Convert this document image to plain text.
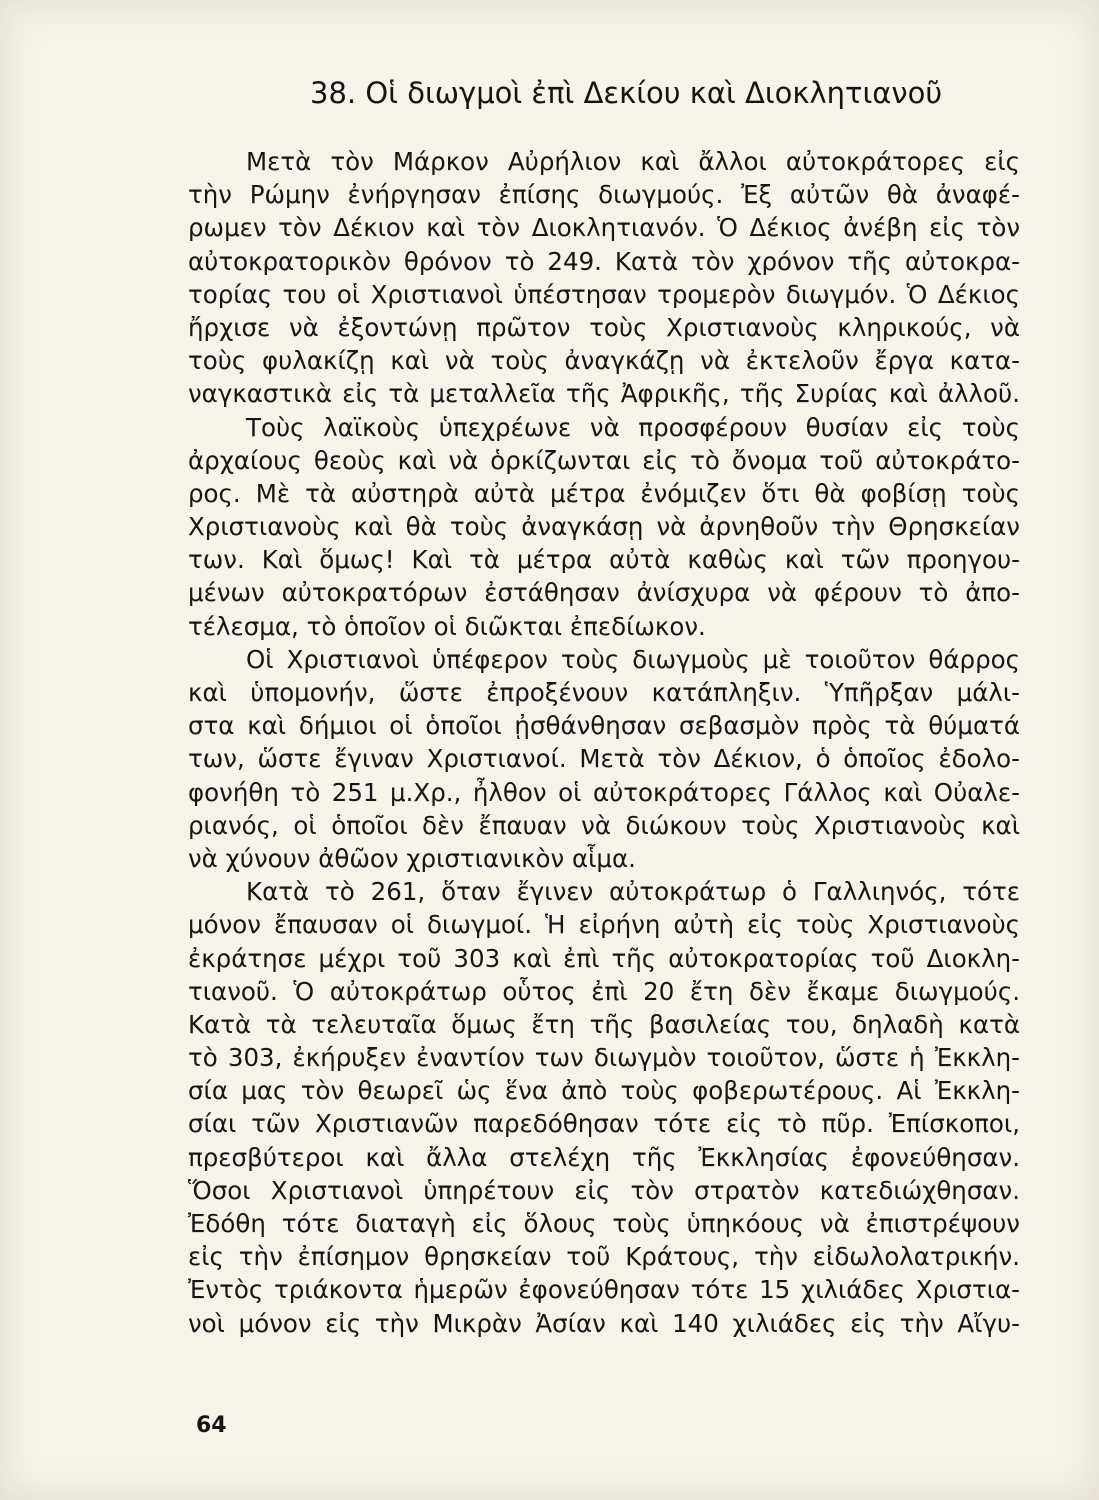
38. Οἱ διωγμοὶ ἐπὶ Δεκίου καὶ Διοκλητιανοῦ
Μετὰ τὸν Μάρκον Αὐρήλιον καὶ ἄλλοι αὐτοκράτορες εἰς
τὴν Ρώμην ἐνήργησαν ἐπίσης διωγμούς. Ἐξ αὐτῶν θὰ ἀναφέ-
ρωμεν τὸν Δέκιον καὶ τὸν Διοκλητιανόν. Ὁ Δέκιος ἀνέβη εἰς τὸν
αὐτοκρατορικὸν θρόνον τὸ 249. Κατὰ τὸν χρόνον τῆς αὐτοκρα-
τορίας του οἱ Χριστιανοὶ ὑπέστησαν τρομερὸν διωγμόν. Ὁ Δέκιος
ἤρχισε νὰ ἐξοντώνῃ πρῶτον τοὺς Χριστιανοὺς κληρικούς, νὰ
τοὺς φυλακίζῃ καὶ νὰ τοὺς ἀναγκάζῃ νὰ ἐκτελοῦν ἔργα κατα-
ναγκαστικὰ εἰς τὰ μεταλλεῖα τῆς Ἀφρικῆς, τῆς Συρίας καὶ ἀλλοῦ.
Τοὺς λαϊκοὺς ὑπεχρέωνε νὰ προσφέρουν θυσίαν εἰς τοὺς
ἀρχαίους θεοὺς καὶ νὰ ὁρκίζωνται εἰς τὸ ὄνομα τοῦ αὐτοκράτο-
ρος. Μὲ τὰ αὐστηρὰ αὐτὰ μέτρα ἐνόμιζεν ὅτι θὰ φοβίσῃ τοὺς
Χριστιανοὺς καὶ θὰ τοὺς ἀναγκάσῃ νὰ ἀρνηθοῦν τὴν Θρησκείαν
των. Καὶ ὅμως! Καὶ τὰ μέτρα αὐτὰ καθὼς καὶ τῶν προηγου-
μένων αὐτοκρατόρων ἐστάθησαν ἀνίσχυρα νὰ φέρουν τὸ ἀπο-
τέλεσμα, τὸ ὁποῖον οἱ διῶκται ἐπεδίωκον.
Οἱ Χριστιανοὶ ὑπέφερον τοὺς διωγμοὺς μὲ τοιοῦτον θάρρος
καὶ ὑπομονήν, ὥστε ἐπροξένουν κατάπληξιν. Ὑπῆρξαν μάλι-
στα καὶ δήμιοι οἱ ὁποῖοι ᾐσθάνθησαν σεβασμὸν πρὸς τὰ θύματά
των, ὥστε ἔγιναν Χριστιανοί. Μετὰ τὸν Δέκιον, ὁ ὁποῖος ἐδολο-
φονήθη τὸ 251 μ.Χρ., ἦλθον οἱ αὐτοκράτορες Γάλλος καὶ Οὐαλε-
ριανός, οἱ ὁποῖοι δὲν ἔπαυαν νὰ διώκουν τοὺς Χριστιανοὺς καὶ
νὰ χύνουν ἀθῶον χριστιανικὸν αἷμα.
Κατὰ τὸ 261, ὅταν ἔγινεν αὐτοκράτωρ ὁ Γαλλιηνός, τότε
μόνον ἔπαυσαν οἱ διωγμοί. Ἡ εἰρήνη αὐτὴ εἰς τοὺς Χριστιανοὺς
ἐκράτησε μέχρι τοῦ 303 καὶ ἐπὶ τῆς αὐτοκρατορίας τοῦ Διοκλη-
τιανοῦ. Ὁ αὐτοκράτωρ οὗτος ἐπὶ 20 ἔτη δὲν ἔκαμε διωγμούς.
Κατὰ τὰ τελευταῖα ὅμως ἔτη τῆς βασιλείας του, δηλαδὴ κατὰ
τὸ 303, ἐκήρυξεν ἐναντίον των διωγμὸν τοιοῦτον, ὥστε ἡ Ἐκκλη-
σία μας τὸν θεωρεῖ ὡς ἕνα ἀπὸ τοὺς φοβερωτέρους. Αἱ Ἐκκλη-
σίαι τῶν Χριστιανῶν παρεδόθησαν τότε εἰς τὸ πῦρ. Ἐπίσκοποι,
πρεσβύτεροι καὶ ἄλλα στελέχη τῆς Ἐκκλησίας ἐφονεύθησαν.
Ὅσοι Χριστιανοὶ ὑπηρέτουν εἰς τὸν στρατὸν κατεδιώχθησαν.
Ἐδόθη τότε διαταγὴ εἰς ὅλους τοὺς ὑπηκόους νὰ ἐπιστρέψουν
εἰς τὴν ἐπίσημον θρησκείαν τοῦ Κράτους, τὴν εἰδωλολατρικήν.
Ἐντὸς τριάκοντα ἡμερῶν ἐφονεύθησαν τότε 15 χιλιάδες Χριστια-
νοὶ μόνον εἰς τὴν Μικρὰν Ἀσίαν καὶ 140 χιλιάδες εἰς τὴν Αἴγυ-
64
